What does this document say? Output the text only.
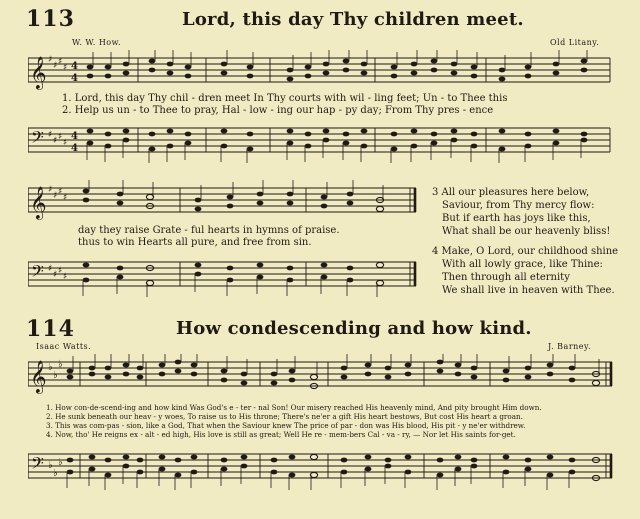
113	Lord, this day Thy children meet.
W. W. How.	Old Litany.
𝄞 ♯
♯ ♯
♯ 4
4
1. Lord, this day Thy chil - dren meet In Thy courts with wil - ling feet; Un - to Thee this
2. Help us un - to Thee to pray, Hal - low - ing our hap - py day; From Thy pres - ence
𝄢 ♯
♯ ♯
♯
4
4
𝄞 ♯
♯ ♯
♯
day they raise Grate - ful hearts in hymns of praise.
thus to win Hearts all pure, and free from sin.
𝄢 ♯
♯ ♯
♯
3 All our pleasures here below,
Saviour, from Thy mercy flow:
But if earth has joys like this,
What shall be our heavenly bliss!
4 Make, O Lord, our childhood shine
With all lowly grace, like Thine:
Then through all eternity
We shall live in heaven with Thee.
114	How condescending and how kind.
Isaac Watts.	J. Barney.
𝄞 ♭
♭
♭
1. How con-de-scend-ing and how kind Was God's e - ter - nal Son! Our misery reached His heavenly mind, And pity brought Him down.
2. He sunk beneath our heav - y woes, To raise us to His throne; There's ne'er a gift His heart bestows, But cost His heart a groan.
3. This was com-pas - sion, like a God, That when the Saviour knew The price of par - don was His blood, His pit - y ne'er withdrew.
4. Now, tho' He reigns ex - alt - ed high, His love is still as great; Well He re - mem-bers Cal - va - ry, — Nor let His saints for-get.
𝄢 ♭
♭
♭
